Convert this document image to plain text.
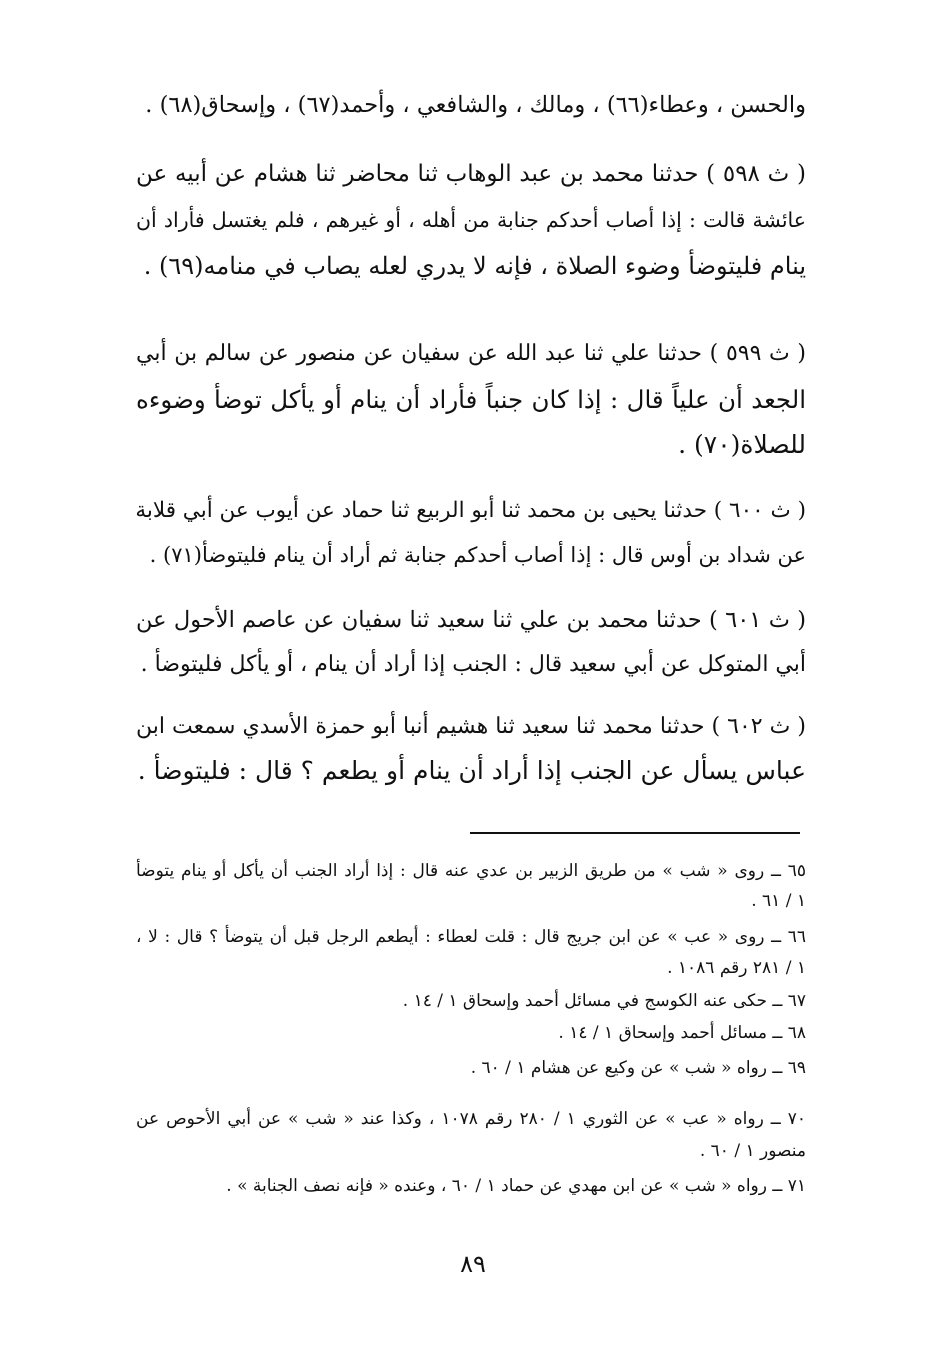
والحسن ، وعطاء(٦٦) ، ومالك ، والشافعي ، وأحمد(٦٧) ، وإسحاق(٦٨) .
( ث ٥٩٨ ) حدثنا محمد بن عبد الوهاب ثنا محاضر ثنا هشام عن أبيه عن
عائشة قالت : إذا أصاب أحدكم جنابة من أهله ، أو غيرهم ، فلم يغتسل فأراد أن
ينام فليتوضأ وضوء الصلاة ، فإنه لا يدري لعله يصاب في منامه(٦٩) .
( ث ٥٩٩ ) حدثنا علي ثنا عبد الله عن سفيان عن منصور عن سالم بن أبي
الجعد أن علياً قال : إذا كان جنباً فأراد أن ينام أو يأكل توضأ وضوءه
للصلاة(٧٠) .
( ث ٦٠٠ ) حدثنا يحيى بن محمد ثنا أبو الربيع ثنا حماد عن أيوب عن أبي قلابة
عن شداد بن أوس قال : إذا أصاب أحدكم جنابة ثم أراد أن ينام فليتوضأ(٧١) .
( ث ٦٠١ ) حدثنا محمد بن علي ثنا سعيد ثنا سفيان عن عاصم الأحول عن
أبي المتوكل عن أبي سعيد قال : الجنب إذا أراد أن ينام ، أو يأكل فليتوضأ .
( ث ٦٠٢ ) حدثنا محمد ثنا سعيد ثنا هشيم أنبا أبو حمزة الأسدي سمعت ابن
عباس يسأل عن الجنب إذا أراد أن ينام أو يطعم ؟ قال : فليتوضأ .
٦٥ ــ روى « شب » من طريق الزبير بن عدي عنه قال : إذا أراد الجنب أن يأكل أو ينام يتوضأ
١ / ٦١ .
٦٦ ــ روى « عب » عن ابن جريج قال : قلت لعطاء : أيطعم الرجل قبل أن يتوضأ ؟ قال : لا ،
١ / ٢٨١ رقم ١٠٨٦ .
٦٧ ــ حكى عنه الكوسج في مسائل أحمد وإسحاق ١ / ١٤ .
٦٨ ــ مسائل أحمد وإسحاق ١ / ١٤ .
٦٩ ــ رواه « شب » عن وكيع عن هشام ١ / ٦٠ .
٧٠ ــ رواه « عب » عن الثوري ١ / ٢٨٠ رقم ١٠٧٨ ، وكذا عند « شب » عن أبي الأحوص عن
منصور ١ / ٦٠ .
٧١ ــ رواه « شب » عن ابن مهدي عن حماد ١ / ٦٠ ، وعنده « فإنه نصف الجنابة » .
٨٩
